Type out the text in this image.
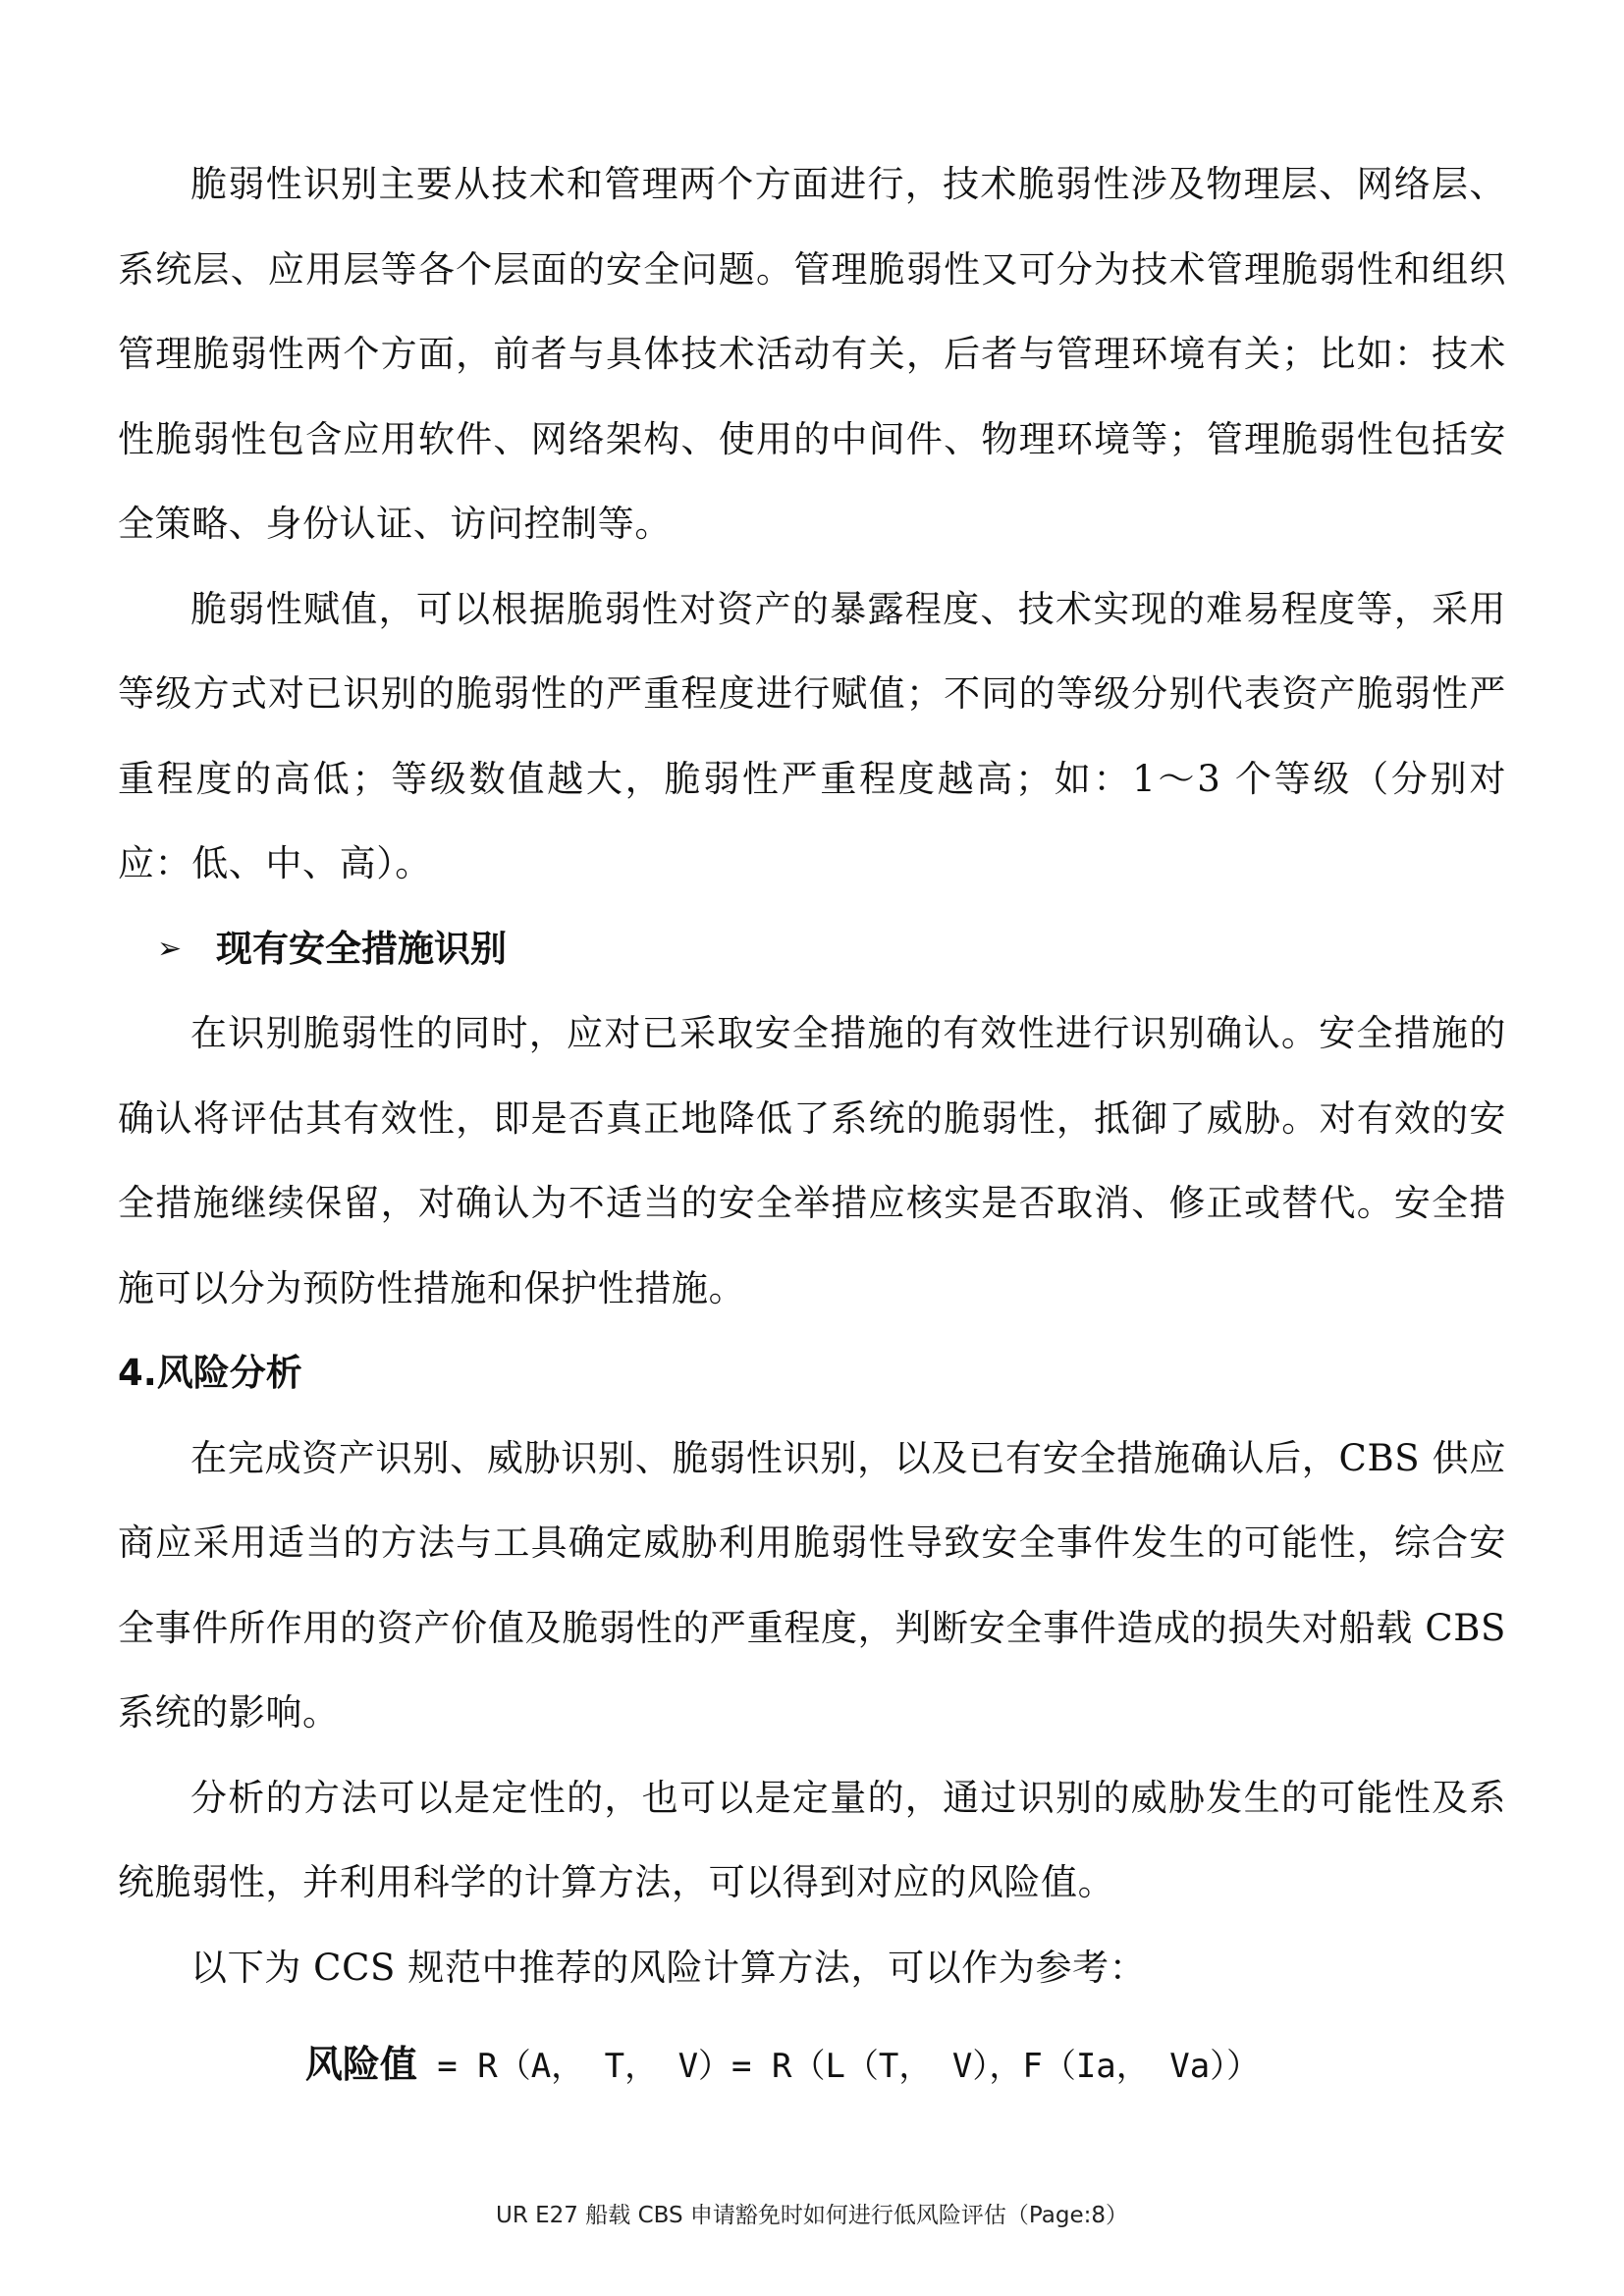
脆弱性识别主要从技术和管理两个方面进行，技术脆弱性涉及物理层、网络层、系统层、应用层等各个层面的安全问题。管理脆弱性又可分为技术管理脆弱性和组织管理脆弱性两个方面，前者与具体技术活动有关，后者与管理环境有关；比如：技术性脆弱性包含应用软件、网络架构、使用的中间件、物理环境等；管理脆弱性包括安全策略、身份认证、访问控制等。

脆弱性赋值，可以根据脆弱性对资产的暴露程度、技术实现的难易程度等，采用等级方式对已识别的脆弱性的严重程度进行赋值；不同的等级分别代表资产脆弱性严重程度的高低；等级数值越大，脆弱性严重程度越高；如：1～3 个等级（分别对应：低、中、高）。

➢ 现有安全措施识别

在识别脆弱性的同时，应对已采取安全措施的有效性进行识别确认。安全措施的确认将评估其有效性，即是否真正地降低了系统的脆弱性，抵御了威胁。对有效的安全措施继续保留，对确认为不适当的安全举措应核实是否取消、修正或替代。安全措施可以分为预防性措施和保护性措施。

4.风险分析

在完成资产识别、威胁识别、脆弱性识别，以及已有安全措施确认后，CBS 供应商应采用适当的方法与工具确定威胁利用脆弱性导致安全事件发生的可能性，综合安全事件所作用的资产价值及脆弱性的严重程度，判断安全事件造成的损失对船载 CBS 系统的影响。

分析的方法可以是定性的，也可以是定量的，通过识别的威胁发生的可能性及系统脆弱性，并利用科学的计算方法，可以得到对应的风险值。

以下为 CCS 规范中推荐的风险计算方法，可以作为参考：

风险值 = R（A， T， V）= R（L（T， V），F（Ia， Va））
UR E27 船载 CBS 申请豁免时如何进行低风险评估（Page:8）
